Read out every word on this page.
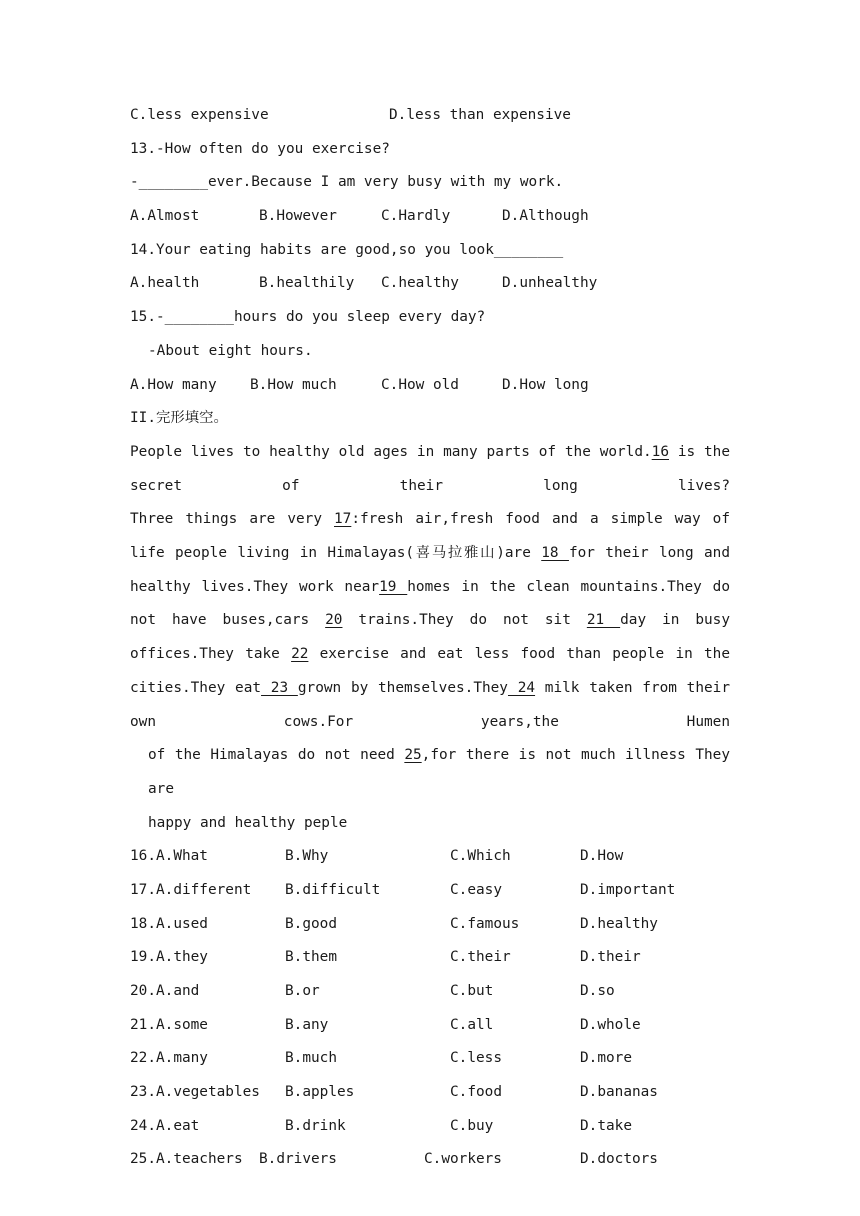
C.less expensive

	D.less than expensive

13.-How often do you exercise?
-________ever.Because I am very busy with my work.

A.Almost

	B.However

	C.Hardly

	D.Although

14.Your eating habits are good,so you look________

A.health

	B.healthily

C.healthy

	D.unhealthy

15.-________hours do you sleep every day?
-About eight hours.

A.How many

B.How much

	C.How old

	D.How long

II.完形填空。
People lives to healthy old ages in many parts of the world.16 is the secret of their long lives?
Three things are very 17:fresh air,fresh food and a simple way of life people living in Himalayas(喜马拉雅山)are 18 for their long and healthy lives.They work near19 homes in the clean mountains.They do not have buses,cars 20 trains.They do not sit 21 day in busy offices.They take 22 exercise and eat less food than people in the cities.They eat 23 grown by themselves.They 24 milk taken from their own cows.For years,the Humen
of the Himalayas do not need 25,for there is not much illness They are
happy and healthy peple
16.A.What	B.Why	C.Which	D.How
17.A.different B.difficult	C.easy	D.important
18.A.used	B.good	C.famous	D.healthy
19.A.they	B.them	C.their	D.their
20.A.and	B.or	C.but	D.so
21.A.some	B.any	C.all	D.whole
22.A.many	B.much	C.less	D.more
23.A.vegetables B.apples	C.food	D.bananas
24.A.eat	B.drink	C.buy	D.take
25.A.teachers B.drivers	C.workers	D.doctors
